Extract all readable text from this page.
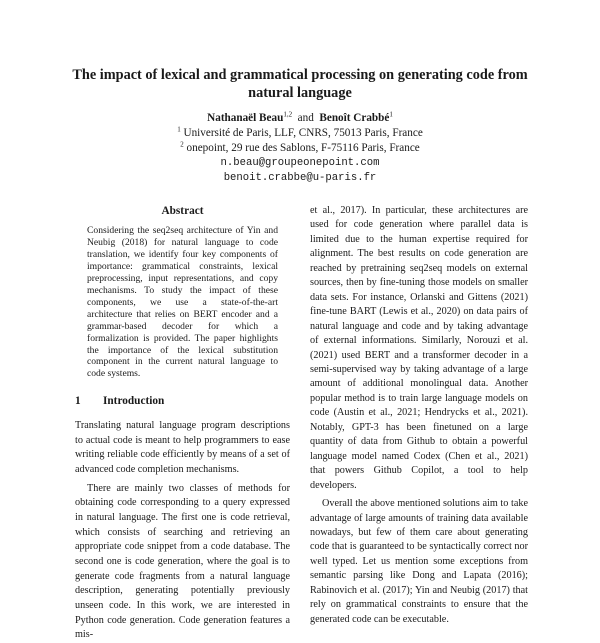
The impact of lexical and grammatical processing on generating code from natural language
Nathanaël Beau$^{1,2}$ and Benoît Crabbé$^1$
$^1$ Université de Paris, LLF, CNRS, 75013 Paris, France
$^2$ onepoint, 29 rue des Sablons, F-75116 Paris, France
n.beau@groupeonepoint.com
benoit.crabbe@u-paris.fr
Abstract
Considering the seq2seq architecture of Yin and Neubig (2018) for natural language to code translation, we identify four key components of importance: grammatical constraints, lexical preprocessing, input representations, and copy mechanisms. To study the impact of these components, we use a state-of-the-art architecture that relies on BERT encoder and a grammar-based decoder for which a formalization is provided. The paper highlights the importance of the lexical substitution component in the current natural language to code systems.
1 Introduction

Translating natural language program descriptions to actual code is meant to help programmers to ease writing reliable code efficiently by means of a set of advanced code completion mechanisms.

There are mainly two classes of methods for obtaining code corresponding to a query expressed in natural language. The first one is code retrieval, which consists of searching and retrieving an appropriate code snippet from a code database. The second one is code generation, where the goal is to generate code fragments from a natural language description, generating potentially previously unseen code. In this work, we are interested in Python code generation. Code generation features a mis-

et al., 2017). In particular, these architectures are used for code generation where parallel data is limited due to the human expertise required for alignment. The best results on code generation are reached by pretraining seq2seq models on external sources, then by fine-tuning those models on smaller data sets. For instance, Orlanski and Gittens (2021) fine-tune BART (Lewis et al., 2020) on data pairs of natural language and code and by taking advantage of external informations. Similarly, Norouzi et al. (2021) used BERT and a transformer decoder in a semi-supervised way by taking advantage of a large amount of additional monolingual data. Another popular method is to train large language models on code (Austin et al., 2021; Hendrycks et al., 2021). Notably, GPT-3 has been finetuned on a large quantity of data from Github to obtain a powerful language model named Codex (Chen et al., 2021) that powers Github Copilot, a tool to help developers.

Overall the above mentioned solutions aim to take advantage of large amounts of training data available nowadays, but few of them care about generating code that is guaranteed to be syntactically correct nor well typed. Let us mention some exceptions from semantic parsing like Dong and Lapata (2016); Rabinovich et al. (2017); Yin and Neubig (2017) that rely on grammatical constraints to ensure that the generated code can be executable.
